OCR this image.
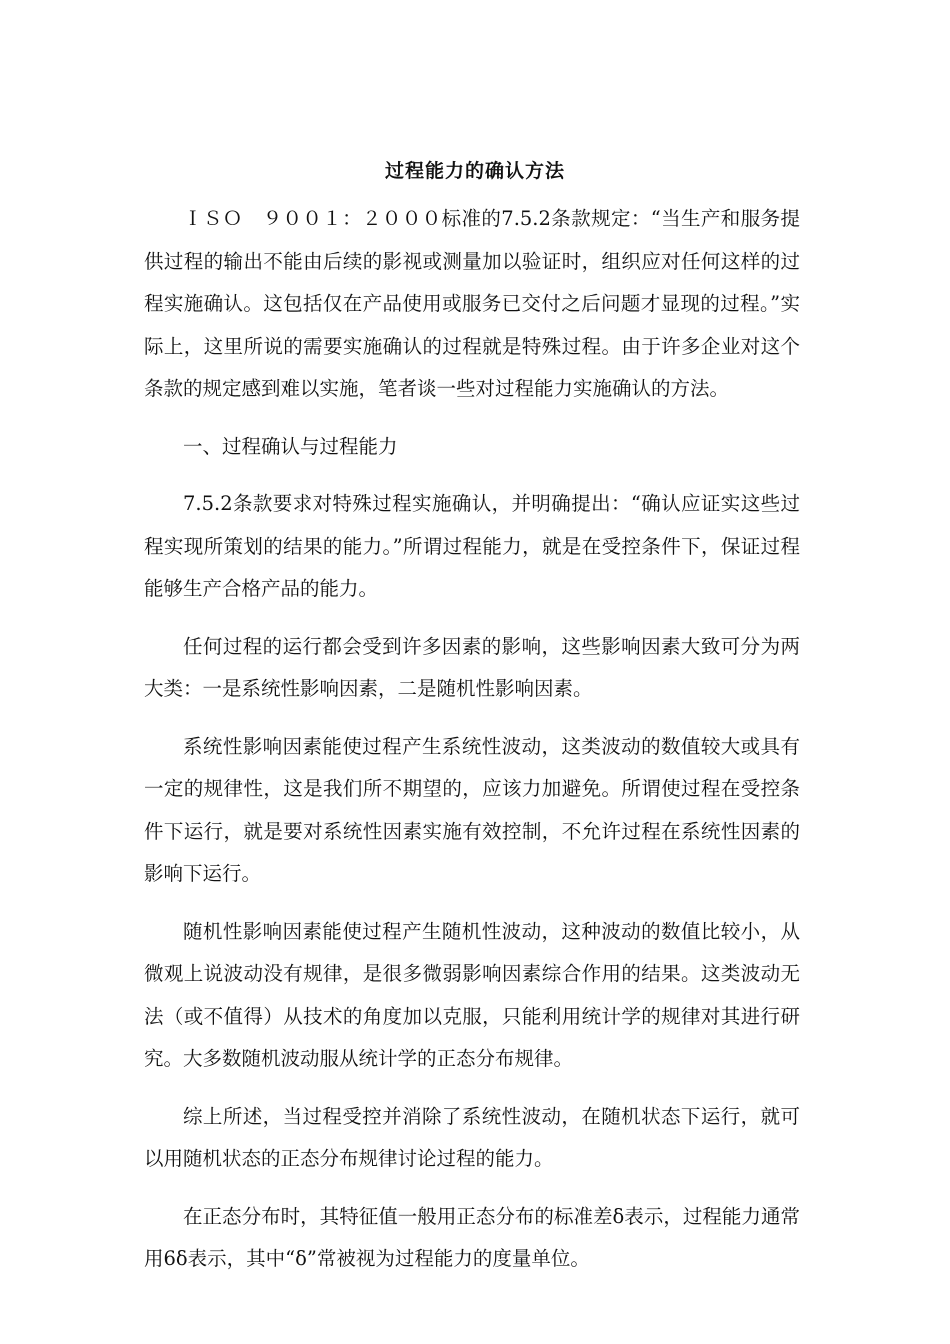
过程能力的确认方法

ＩＳＯ　９００１：２０００标准的7.5.2条款规定：“当生产和服务提供过程的输出不能由后续的影视或测量加以验证时，组织应对任何这样的过程实施确认。这包括仅在产品使用或服务已交付之后问题才显现的过程。”实际上，这里所说的需要实施确认的过程就是特殊过程。由于许多企业对这个条款的规定感到难以实施，笔者谈一些对过程能力实施确认的方法。

一、过程确认与过程能力

7.5.2条款要求对特殊过程实施确认，并明确提出：“确认应证实这些过程实现所策划的结果的能力。”所谓过程能力，就是在受控条件下，保证过程能够生产合格产品的能力。

任何过程的运行都会受到许多因素的影响，这些影响因素大致可分为两大类：一是系统性影响因素，二是随机性影响因素。

系统性影响因素能使过程产生系统性波动，这类波动的数值较大或具有一定的规律性，这是我们所不期望的，应该力加避免。所谓使过程在受控条件下运行，就是要对系统性因素实施有效控制，不允许过程在系统性因素的影响下运行。

随机性影响因素能使过程产生随机性波动，这种波动的数值比较小，从微观上说波动没有规律，是很多微弱影响因素综合作用的结果。这类波动无法（或不值得）从技术的角度加以克服，只能利用统计学的规律对其进行研究。大多数随机波动服从统计学的正态分布规律。

综上所述，当过程受控并消除了系统性波动，在随机状态下运行，就可以用随机状态的正态分布规律讨论过程的能力。

在正态分布时，其特征值一般用正态分布的标准差δ表示，过程能力通常用6δ表示，其中“δ”常被视为过程能力的度量单位。
